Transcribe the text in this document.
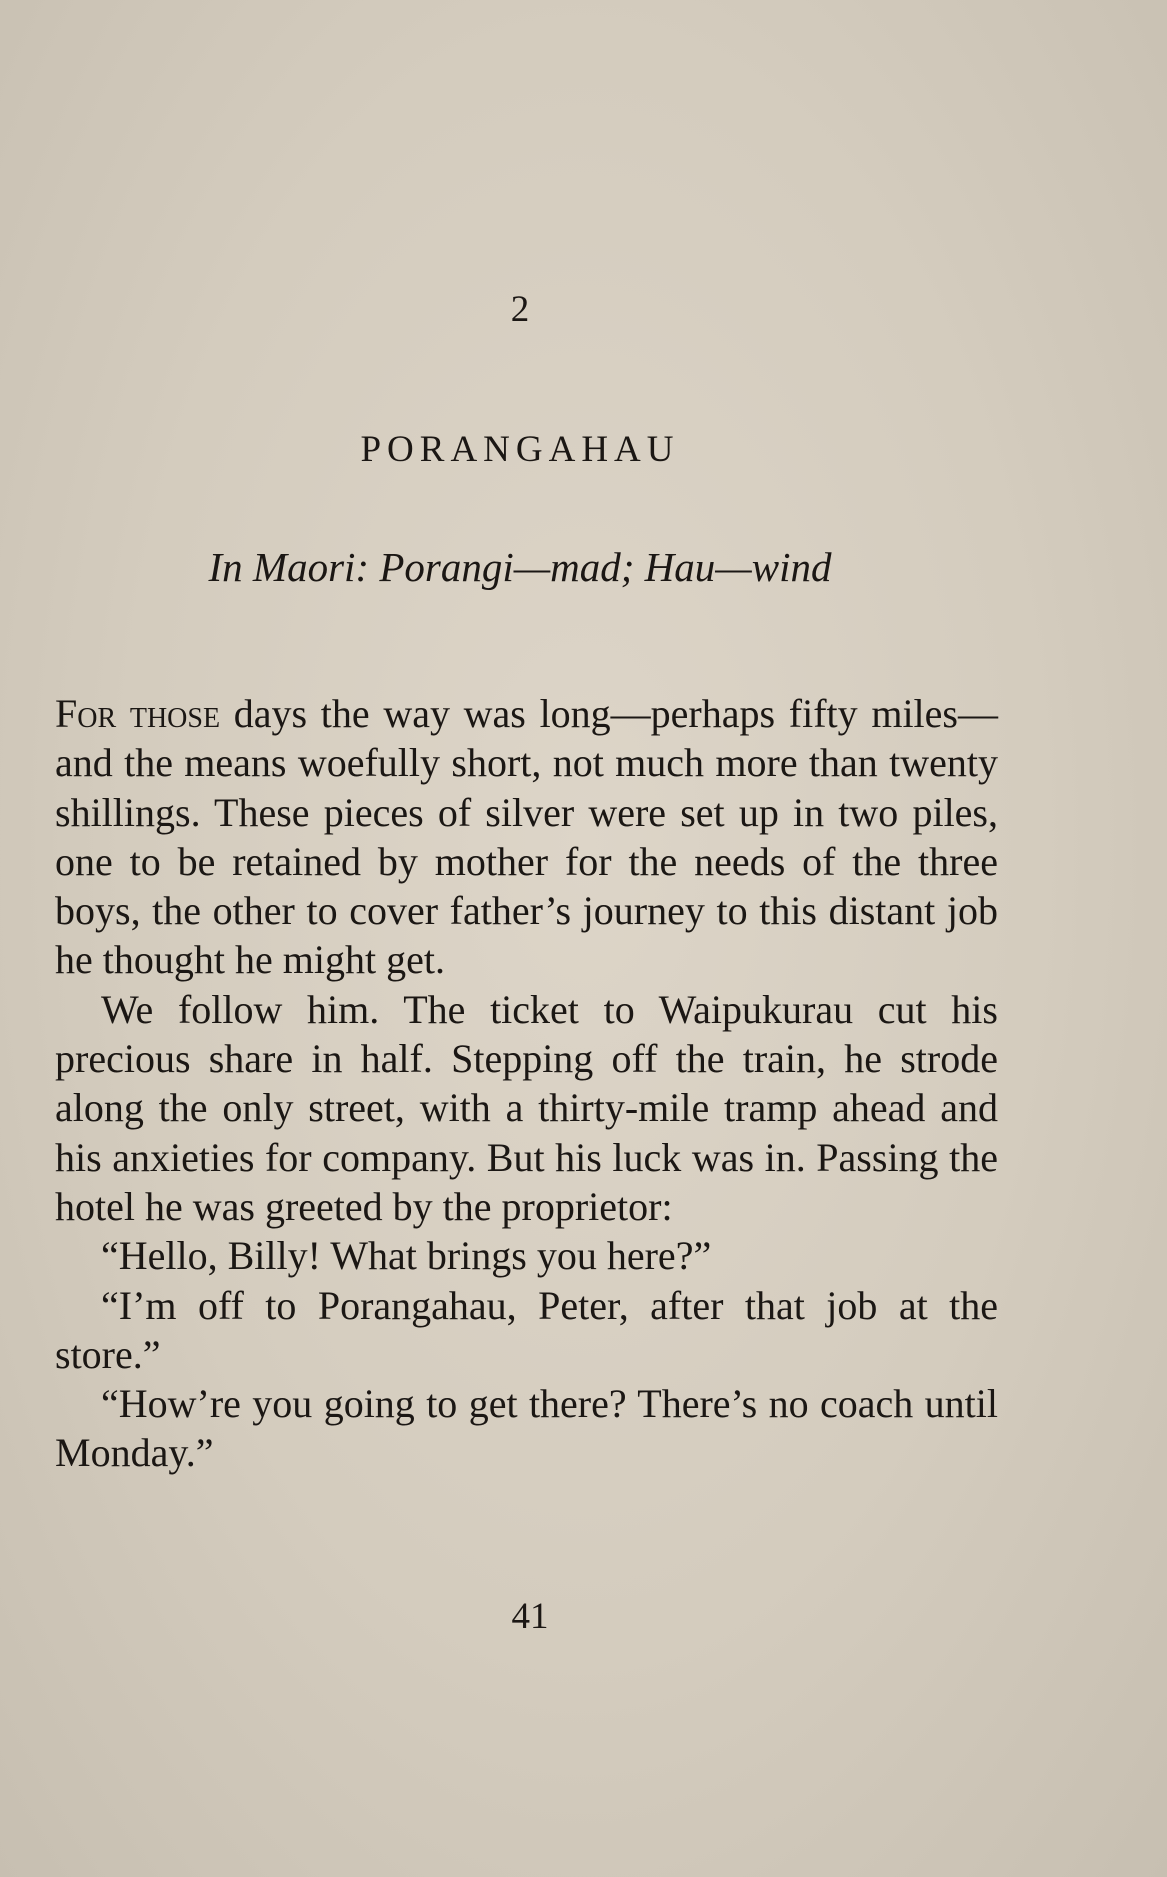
2
PORANGAHAU
In Maori: Porangi—mad; Hau—wind

For those days the way was long—perhaps fifty miles—and the means woefully short, not much more than twenty shillings. These pieces of silver were set up in two piles, one to be retained by mother for the needs of the three boys, the other to cover father’s journey to this distant job he thought he might get.

We follow him. The ticket to Waipukurau cut his precious share in half. Stepping off the train, he strode along the only street, with a thirty-mile tramp ahead and his anxieties for company. But his luck was in. Passing the hotel he was greeted by the proprietor:

“Hello, Billy! What brings you here?”

“I’m off to Porangahau, Peter, after that job at the store.”

“How’re you going to get there? There’s no coach until Monday.”

41
